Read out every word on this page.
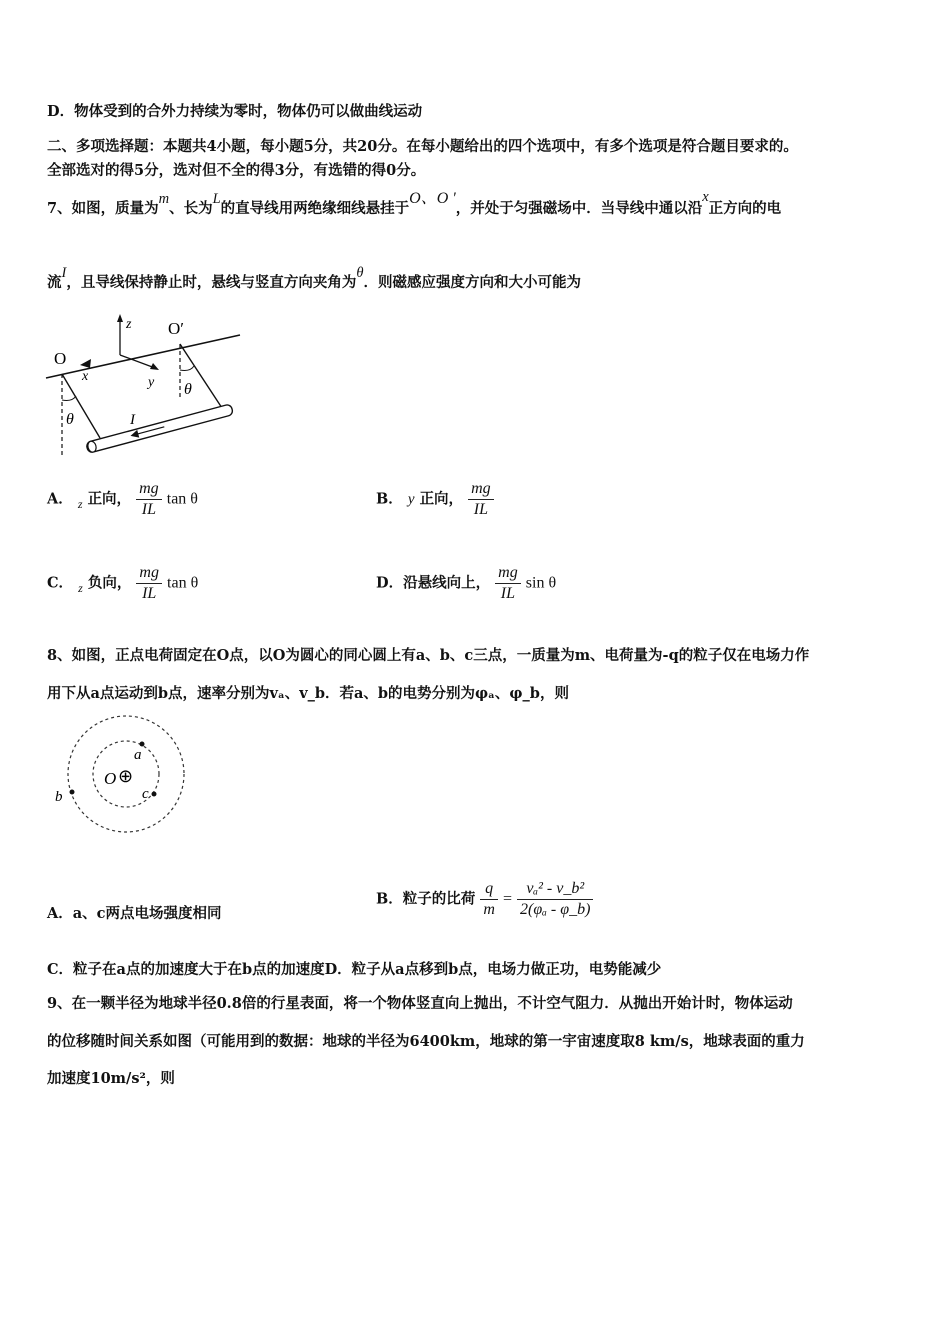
D．物体受到的合外力持续为零时，物体仍可以做曲线运动
二、多项选择题：本题共4小题，每小题5分，共20分。在每小题给出的四个选项中，有多个选项是符合题目要求的。
全部选对的得5分，选对但不全的得3分，有选错的得0分。
7、如图，质量为m、长为L的直导线用两绝缘细线悬挂于O、O '，并处于匀强磁场中．当导线中通以沿x正方向的电
流I，且导线保持静止时，悬线与竖直方向夹角为θ．则磁感应强度方向和大小可能为
O
O′
z
x	y
θ
θ
I
A． $_z$ 正向， $\frac{mg}{IL}$ tan θ	B． y 正向， $\frac{mg}{IL}$
C． $_z$ 负向， $\frac{mg}{IL}$ tan θ	D．沿悬线向上， $\frac{mg}{IL}$ sin θ
8、如图，正点电荷固定在O点，以O为圆心的同心圆上有a、b、c三点，一质量为m、电荷量为-q的粒子仅在电场力作
用下从a点运动到b点，速率分别为vₐ、v_b．若a、b的电势分别为φₐ、φ_b，则
O ⊕
a
b	c
A．a、c两点电场强度相同
B．粒子的比荷 $\frac{q}{m} = \frac{\text{vₐ² - v\_b²}}{\text{2(φₐ - φ\_b)}}$
C．粒子在a点的加速度大于在b点的加速度D．粒子从a点移到b点，电场力做正功，电势能减少
9、在一颗半径为地球半径0.8倍的行星表面，将一个物体竖直向上抛出，不计空气阻力．从抛出开始计时，物体运动
的位移随时间关系如图（可能用到的数据：地球的半径为6400km，地球的第一宇宙速度取8 km/s，地球表面的重力
加速度10m/s²，则
